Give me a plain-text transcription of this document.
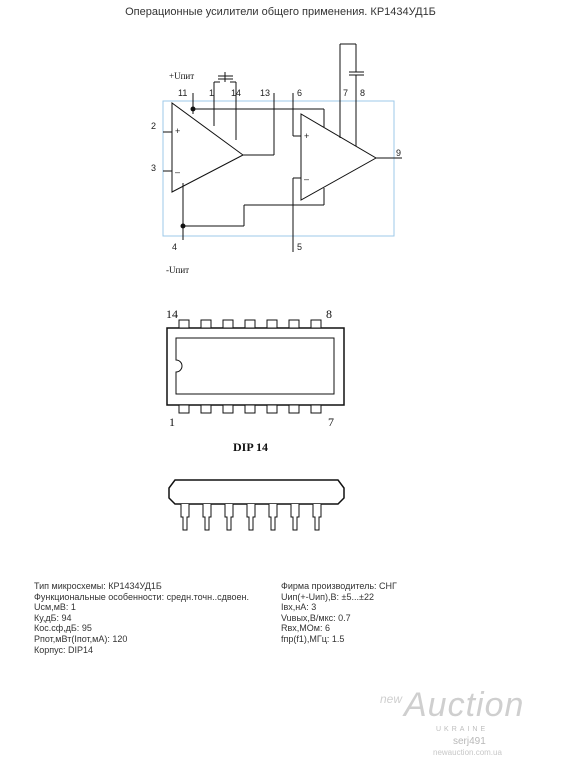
Операционные усилители общего применения. КР1434УД1Б
+
–
+
–
+Uпит
-Uпит
11 1 14 13	6	7 8
2
3
9
4	5
14	8
1	7
DIP 14
Тип микросхемы: КР1434УД1Б
Функциональные особенности: средн.точн..сдвоен.
Uсм,мВ: 1
Ку,дБ: 94
Кос.сф,дБ: 95
Рпот,мВт(Iпот,мА): 120
Корпус: DIP14
Фирма производитель: СНГ
Uип(+-Uип),В: ±5...±22
Iвх,нА: 3
Vuвых,В/мкс: 0.7
Rвх,МОм: 6
fпр(f1),МГц: 1.5
new Auction
UKRAINE
serj491
newauction.com.ua
